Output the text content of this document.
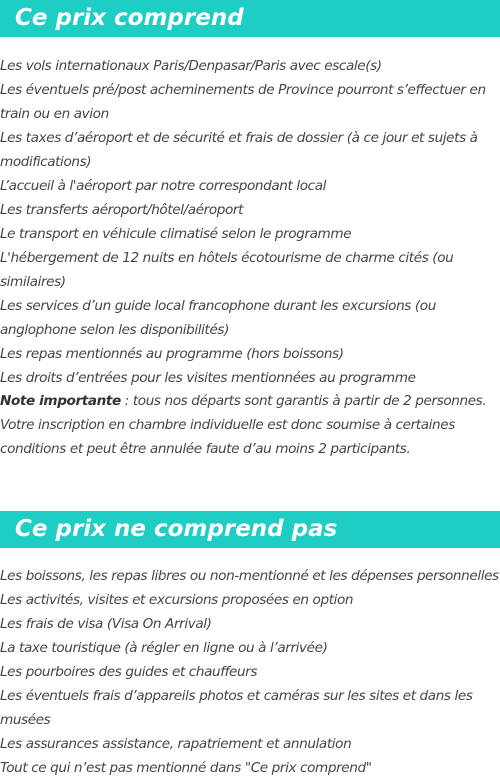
Ce prix comprend
Les vols internationaux Paris/Denpasar/Paris avec escale(s)
Les éventuels pré/post acheminements de Province pourront s’effectuer en train ou en avion
Les taxes d’aéroport et de sécurité et frais de dossier (à ce jour et sujets à modifications)
L’accueil à l'aéroport par notre correspondant local
Les transferts aéroport/hôtel/aéroport
Le transport en véhicule climatisé selon le programme
L'hébergement de 12 nuits en hôtels écotourisme de charme cités (ou similaires)
Les services d’un guide local francophone durant les excursions (ou anglophone selon les disponibilités)
Les repas mentionnés au programme (hors boissons)
Les droits d’entrées pour les visites mentionnées au programme

Note importante : tous nos départs sont garantis à partir de 2 personnes. Votre inscription en chambre individuelle est donc soumise à certaines conditions et peut être annulée faute d’au moins 2 participants.

Ce prix ne comprend pas
Les boissons, les repas libres ou non-mentionné et les dépenses personnelles
Les activités, visites et excursions proposées en option
Les frais de visa (Visa On Arrival)
La taxe touristique (à régler en ligne ou à l’arrivée)
Les pourboires des guides et chauffeurs
Les éventuels frais d’appareils photos et caméras sur les sites et dans les musées
Les assurances assistance, rapatriement et annulation
Tout ce qui n’est pas mentionné dans "Ce prix comprend"
